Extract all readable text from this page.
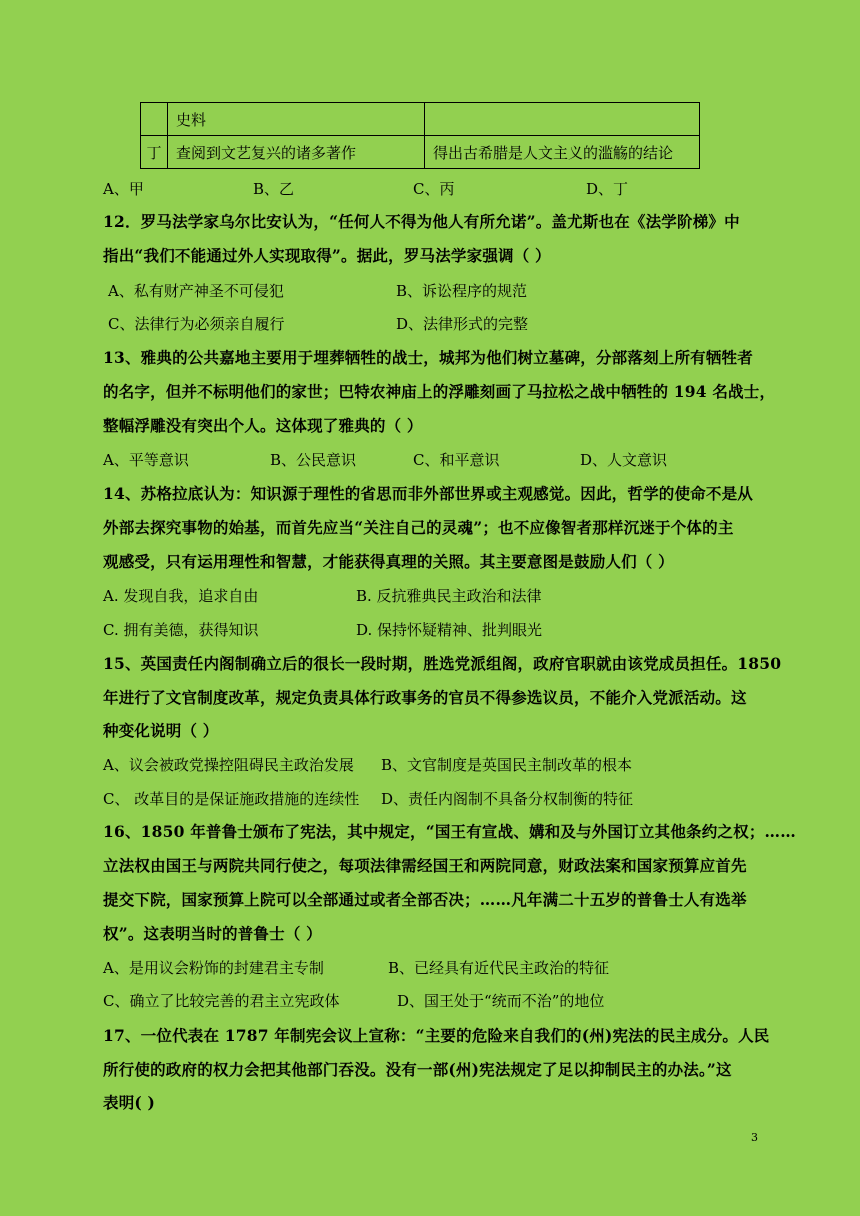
	史料	
丁	查阅到文艺复兴的诸多著作	得出古希腊是人文主义的滥觞的结论
A、甲	B、乙	C、丙	D、丁
12．罗马法学家乌尔比安认为，“任何人不得为他人有所允诺”。盖尤斯也在《法学阶梯》中
指出“我们不能通过外人实现取得”。据此，罗马法学家强调（ ）
A、私有财产神圣不可侵犯	B、诉讼程序的规范
C、法律行为必须亲自履行	D、法律形式的完整
13、雅典的公共嘉地主要用于埋葬牺牲的战士，城邦为他们树立墓碑，分部落刻上所有牺牲者
的名字，但并不标明他们的家世；巴特农神庙上的浮雕刻画了马拉松之战中牺牲的 194 名战士，
整幅浮雕没有突出个人。这体现了雅典的（ ）
A、平等意识	B、公民意识	C、和平意识	D、人文意识
14、苏格拉底认为：知识源于理性的省思而非外部世界或主观感觉。因此，哲学的使命不是从
外部去探究事物的始基，而首先应当“关注自己的灵魂”；也不应像智者那样沉迷于个体的主
观感受，只有运用理性和智慧，才能获得真理的关照。其主要意图是鼓励人们（ ）
A. 发现自我，追求自由	B. 反抗雅典民主政治和法律
C. 拥有美德，获得知识	D. 保持怀疑精神、批判眼光
15、英国责任内阁制确立后的很长一段时期，胜选党派组阁，政府官职就由该党成员担任。1850
年进行了文官制度改革，规定负责具体行政事务的官员不得参选议员，不能介入党派活动。这
种变化说明（ ）
A、议会被政党操控阻碍民主政治发展 B、文官制度是英国民主制改革的根本
C、 改革目的是保证施政措施的连续性 D、责任内阁制不具备分权制衡的特征
16、1850 年普鲁士颁布了宪法，其中规定，“国王有宣战、媾和及与外国订立其他条约之权；……
立法权由国王与两院共同行使之，每项法律需经国王和两院同意，财政法案和国家预算应首先
提交下院，国家预算上院可以全部通过或者全部否决；……凡年满二十五岁的普鲁士人有选举
权”。这表明当时的普鲁士（ ）
A、是用议会粉饰的封建君主专制	B、已经具有近代民主政治的特征
C、确立了比较完善的君主立宪政体	D、国王处于“统而不治”的地位
17、一位代表在 1787 年制宪会议上宣称：“主要的危险来自我们的(州)宪法的民主成分。人民
所行使的政府的权力会把其他部门吞没。没有一部(州)宪法规定了足以抑制民主的办法。”这
表明( )
3
